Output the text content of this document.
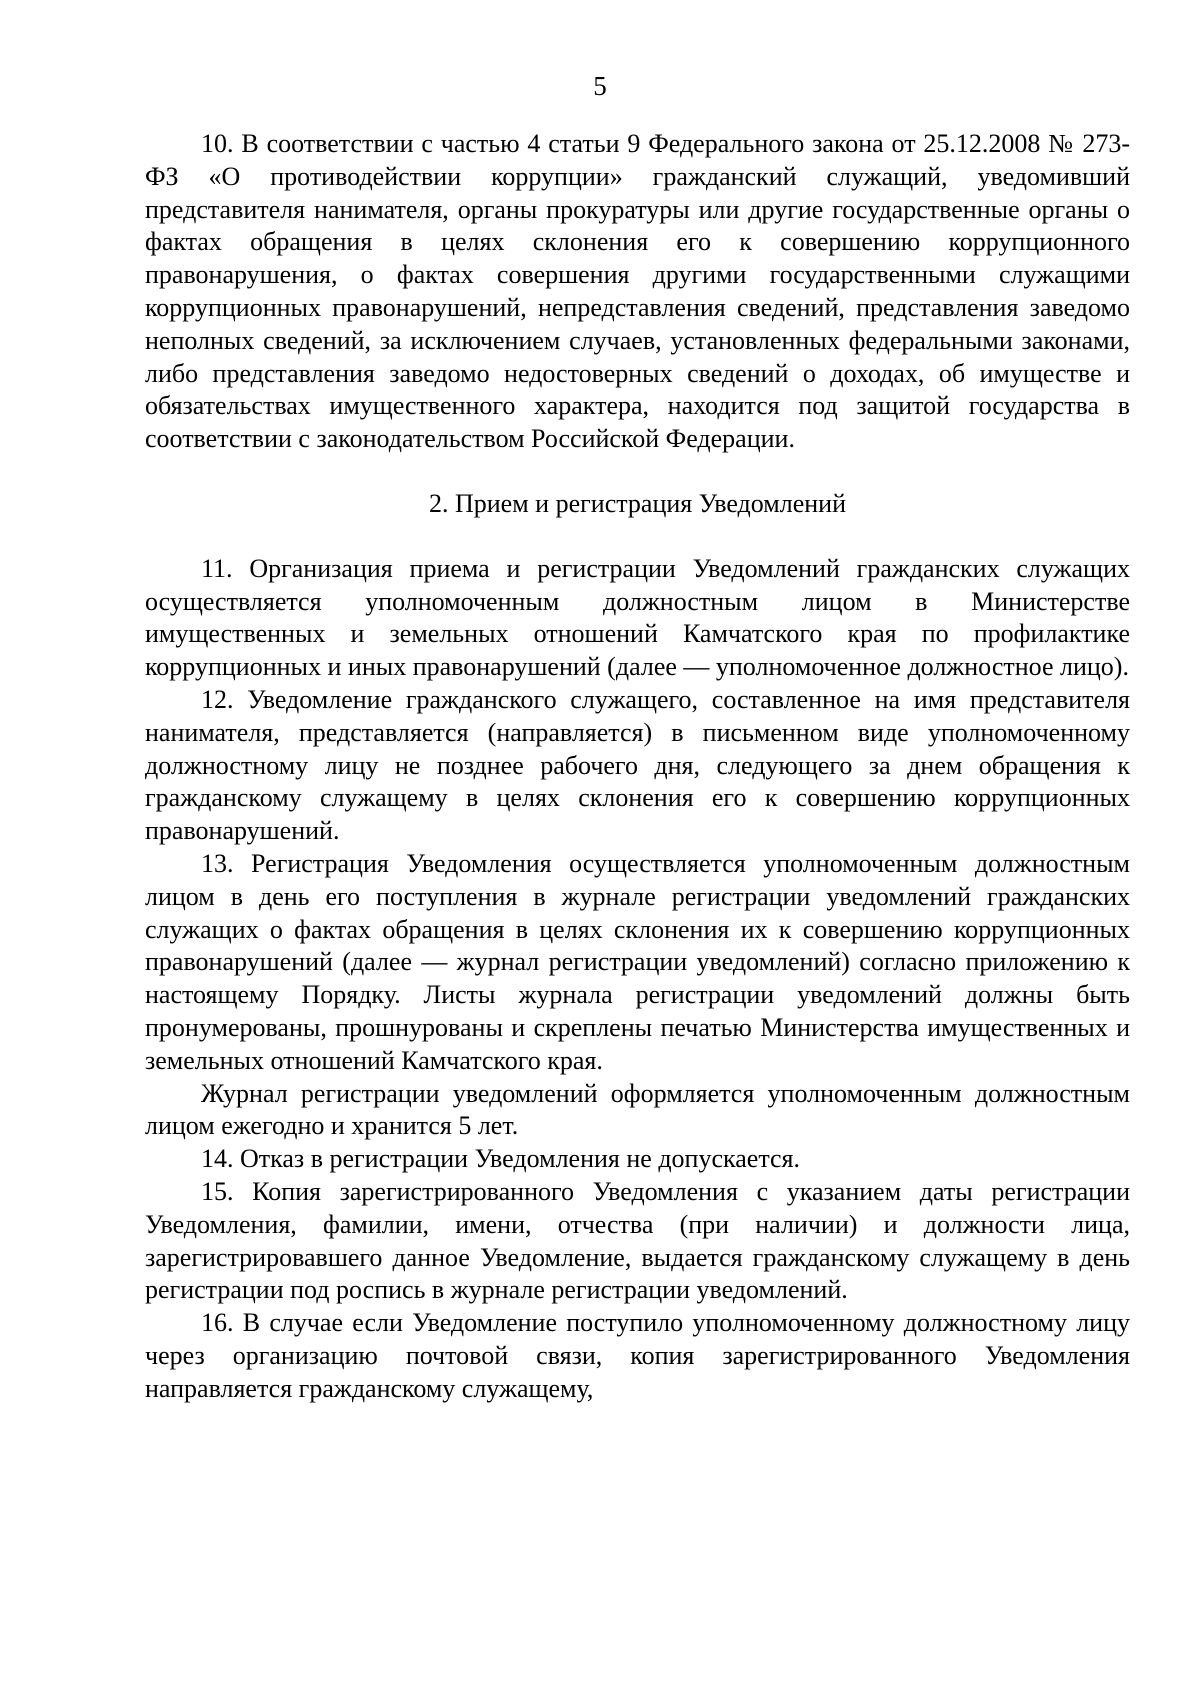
5

10. В соответствии с частью 4 статьи 9 Федерального закона от 25.12.2008 № 273-ФЗ «О противодействии коррупции» гражданский служащий, уведомивший представителя нанимателя, органы прокуратуры или другие государственные органы о фактах обращения в целях склонения его к совершению коррупционного правонарушения, о фактах совершения другими государственными служащими коррупционных правонарушений, непредставления сведений, представления заведомо неполных сведений, за исключением случаев, установленных федеральными законами, либо представления заведомо недостоверных сведений о доходах, об имуществе и обязательствах имущественного характера, находится под защитой государства в соответствии с законодательством Российской Федерации.

2. Прием и регистрация Уведомлений

11. Организация приема и регистрации Уведомлений гражданских служащих осуществляется уполномоченным должностным лицом в Министерстве имущественных и земельных отношений Камчатского края по профилактике коррупционных и иных правонарушений (далее — уполномоченное должностное лицо).

12. Уведомление гражданского служащего, составленное на имя представителя нанимателя, представляется (направляется) в письменном виде уполномоченному должностному лицу не позднее рабочего дня, следующего за днем обращения к гражданскому служащему в целях склонения его к совершению коррупционных правонарушений.

13. Регистрация Уведомления осуществляется уполномоченным должностным лицом в день его поступления в журнале регистрации уведомлений гражданских служащих о фактах обращения в целях склонения их к совершению коррупционных правонарушений (далее — журнал регистрации уведомлений) согласно приложению к настоящему Порядку. Листы журнала регистрации уведомлений должны быть пронумерованы, прошнурованы и скреплены печатью Министерства имущественных и земельных отношений Камчатского края.

Журнал регистрации уведомлений оформляется уполномоченным должностным лицом ежегодно и хранится 5 лет.

14. Отказ в регистрации Уведомления не допускается.

15. Копия зарегистрированного Уведомления с указанием даты регистрации Уведомления, фамилии, имени, отчества (при наличии) и должности лица, зарегистрировавшего данное Уведомление, выдается гражданскому служащему в день регистрации под роспись в журнале регистрации уведомлений.

16. В случае если Уведомление поступило уполномоченному должностному лицу через организацию почтовой связи, копия зарегистрированного Уведомления направляется гражданскому служащему,
